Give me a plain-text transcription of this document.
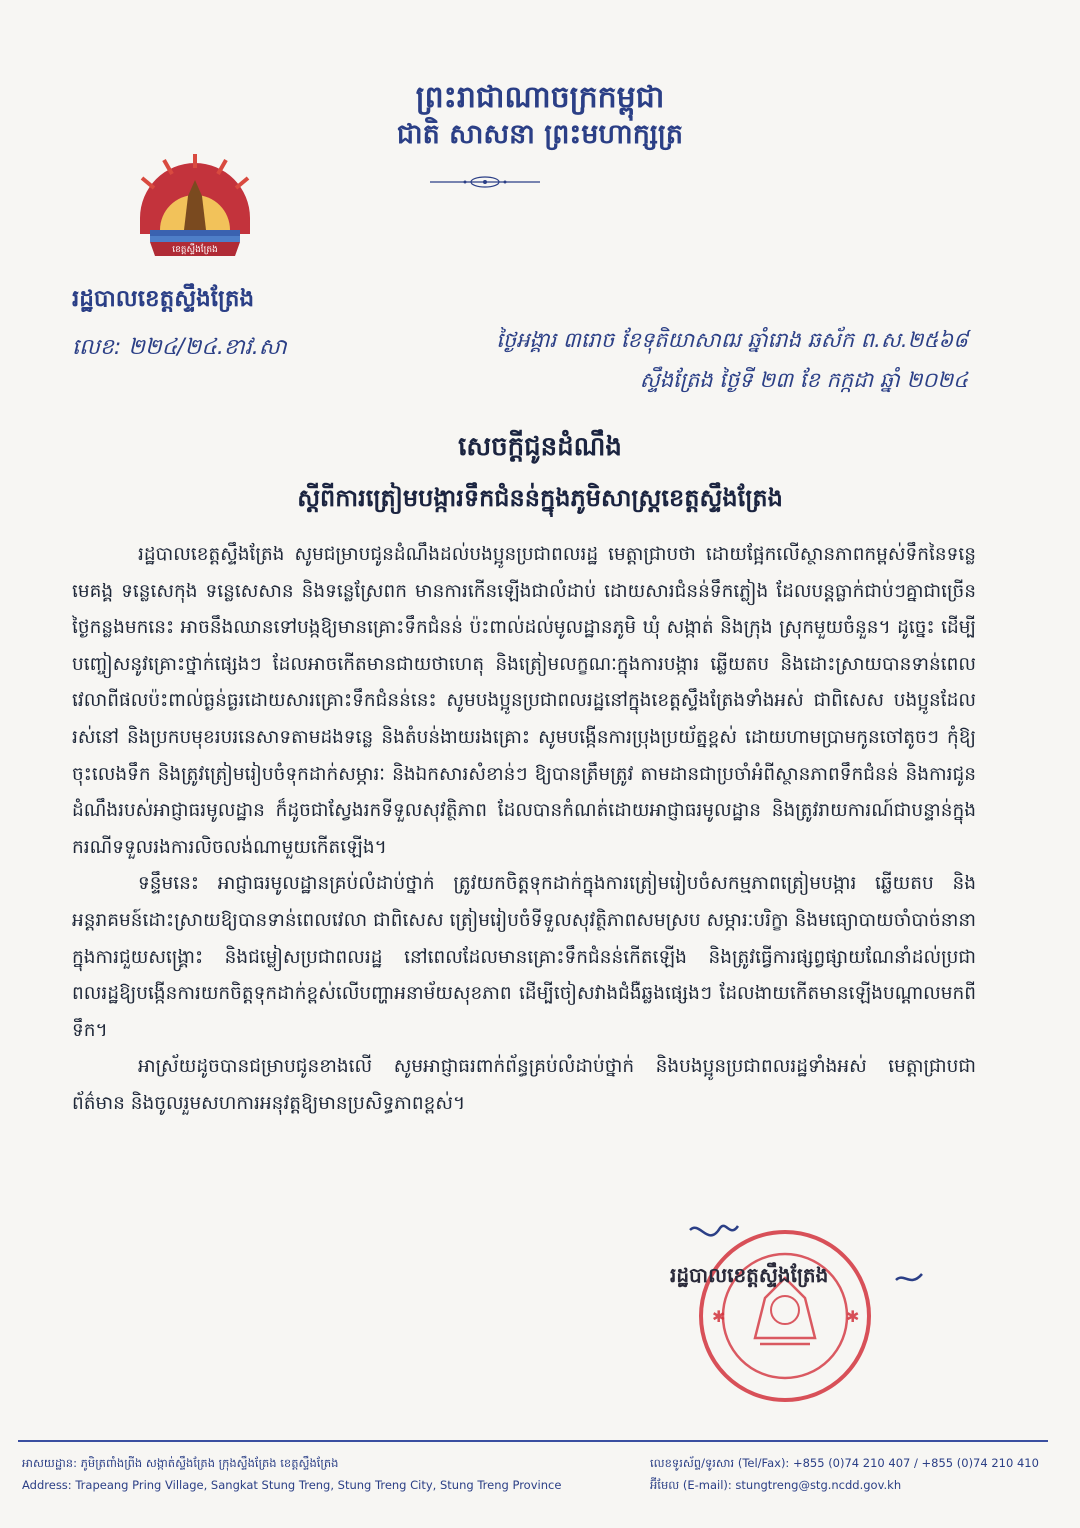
ព្រះរាជាណាចក្រកម្ពុជា
ជាតិ សាសនា ព្រះមហាក្សត្រ
ខេត្តស្ទឹងត្រែង
រដ្ឋបាលខេត្តស្ទឹងត្រែង
លេខ: ២២៤/២៤.ខាវ.សា	ថ្ងៃអង្គារ ៣រោច ខែទុតិយាសាឍ ឆ្នាំរោង ឆស័ក ព.ស.២៥៦៨
ស្ទឹងត្រែង ថ្ងៃទី ២៣ ខែ កក្កដា ឆ្នាំ ២០២៤
សេចក្តីជូនដំណឹង
ស្តីពីការត្រៀមបង្ការទឹកជំនន់ក្នុងភូមិសាស្ត្រខេត្តស្ទឹងត្រែង

រដ្ឋបាលខេត្តស្ទឹងត្រែង សូមជម្រាបជូនដំណឹងដល់បងប្អូនប្រជាពលរដ្ឋ មេត្តាជ្រាបថា ដោយផ្អែកលើស្ថានភាពកម្ពស់ទឹកនៃទន្លេមេគង្គ ទន្លេសេកុង ទន្លេសេសាន និងទន្លេស្រែពក មានការកើនឡើងជាលំដាប់ ដោយសារជំនន់ទឹកភ្លៀង ដែលបន្តធ្លាក់ជាប់ៗគ្នាជាច្រើនថ្ងៃកន្លងមកនេះ អាចនឹងឈានទៅបង្កឱ្យមានគ្រោះទឹកជំនន់ ប៉ះពាល់ដល់មូលដ្ឋានភូមិ ឃុំ សង្កាត់ និងក្រុង ស្រុកមួយចំនួន។ ដូច្នេះ ដើម្បីបញ្ចៀសនូវគ្រោះថ្នាក់ផ្សេងៗ ដែលអាចកើតមានជាយថាហេតុ និងត្រៀមលក្ខណៈក្នុងការបង្ការ ឆ្លើយតប និងដោះស្រាយបានទាន់ពេលវេលាពីផលប៉ះពាល់ធ្ងន់ធ្ងរដោយសារគ្រោះទឹកជំនន់នេះ សូមបងប្អូនប្រជាពលរដ្ឋនៅក្នុងខេត្តស្ទឹងត្រែងទាំងអស់ ជាពិសេស បងប្អូនដែលរស់នៅ និងប្រកបមុខរបរនេសាទតាមដងទន្លេ និងតំបន់ងាយរងគ្រោះ សូមបង្កើនការប្រុងប្រយ័ត្នខ្ពស់ ដោយហាមប្រាមកូនចៅតូចៗ កុំឱ្យចុះលេងទឹក និងត្រូវត្រៀមរៀបចំទុកដាក់សម្ភារៈ និងឯកសារសំខាន់ៗ ឱ្យបានត្រឹមត្រូវ តាមដានជាប្រចាំអំពីស្ថានភាពទឹកជំនន់ និងការជូនដំណឹងរបស់អាជ្ញាធរមូលដ្ឋាន ក៏ដូចជាស្វែងរកទីទួលសុវត្ថិភាព ដែលបានកំណត់ដោយអាជ្ញាធរមូលដ្ឋាន និងត្រូវរាយការណ៍ជាបន្ទាន់ក្នុងករណីទទួលរងការលិចលង់ណាមួយកើតឡើង។

ទន្ទឹមនេះ អាជ្ញាធរមូលដ្ឋានគ្រប់លំដាប់ថ្នាក់ ត្រូវយកចិត្តទុកដាក់ក្នុងការត្រៀមរៀបចំសកម្មភាពត្រៀមបង្ការ ឆ្លើយតប និងអន្តរាគមន៍ដោះស្រាយឱ្យបានទាន់ពេលវេលា ជាពិសេស ត្រៀមរៀបចំទីទួលសុវត្ថិភាពសមស្រប សម្ភារៈបរិក្ខា និងមធ្យោបាយចាំបាច់នានា ក្នុងការជួយសង្គ្រោះ និងជម្លៀសប្រជាពលរដ្ឋ នៅពេលដែលមានគ្រោះទឹកជំនន់កើតឡើង និងត្រូវធ្វើការផ្សព្វផ្សាយណែនាំដល់ប្រជាពលរដ្ឋឱ្យបង្កើនការយកចិត្តទុកដាក់ខ្ពស់លើបញ្ហាអនាម័យសុខភាព ដើម្បីចៀសវាងជំងឺឆ្លងផ្សេងៗ ដែលងាយកើតមានឡើងបណ្តាលមកពីទឹក។

អាស្រ័យដូចបានជម្រាបជូនខាងលើ សូមអាជ្ញាធរពាក់ព័ន្ធគ្រប់លំដាប់ថ្នាក់ និងបងប្អូនប្រជាពលរដ្ឋទាំងអស់ មេត្តាជ្រាបជាព័ត៌មាន និងចូលរួមសហការអនុវត្តឱ្យមានប្រសិទ្ធភាពខ្ពស់។

✱	✱
រដ្ឋបាលខេត្តស្ទឹងត្រែង
អាសយដ្ឋាន: ភូមិត្រពាំងព្រីង សង្កាត់ស្ទឹងត្រែង ក្រុងស្ទឹងត្រែង ខេត្តស្ទឹងត្រែង
Address: Trapeang Pring Village, Sangkat Stung Treng, Stung Treng City, Stung Treng Province
លេខទូរស័ព្ទ/ទូរសារ (Tel/Fax): +855 (0)74 210 407 / +855 (0)74 210 410
អ៊ីមែល (E-mail): stungtreng@stg.ncdd.gov.kh
